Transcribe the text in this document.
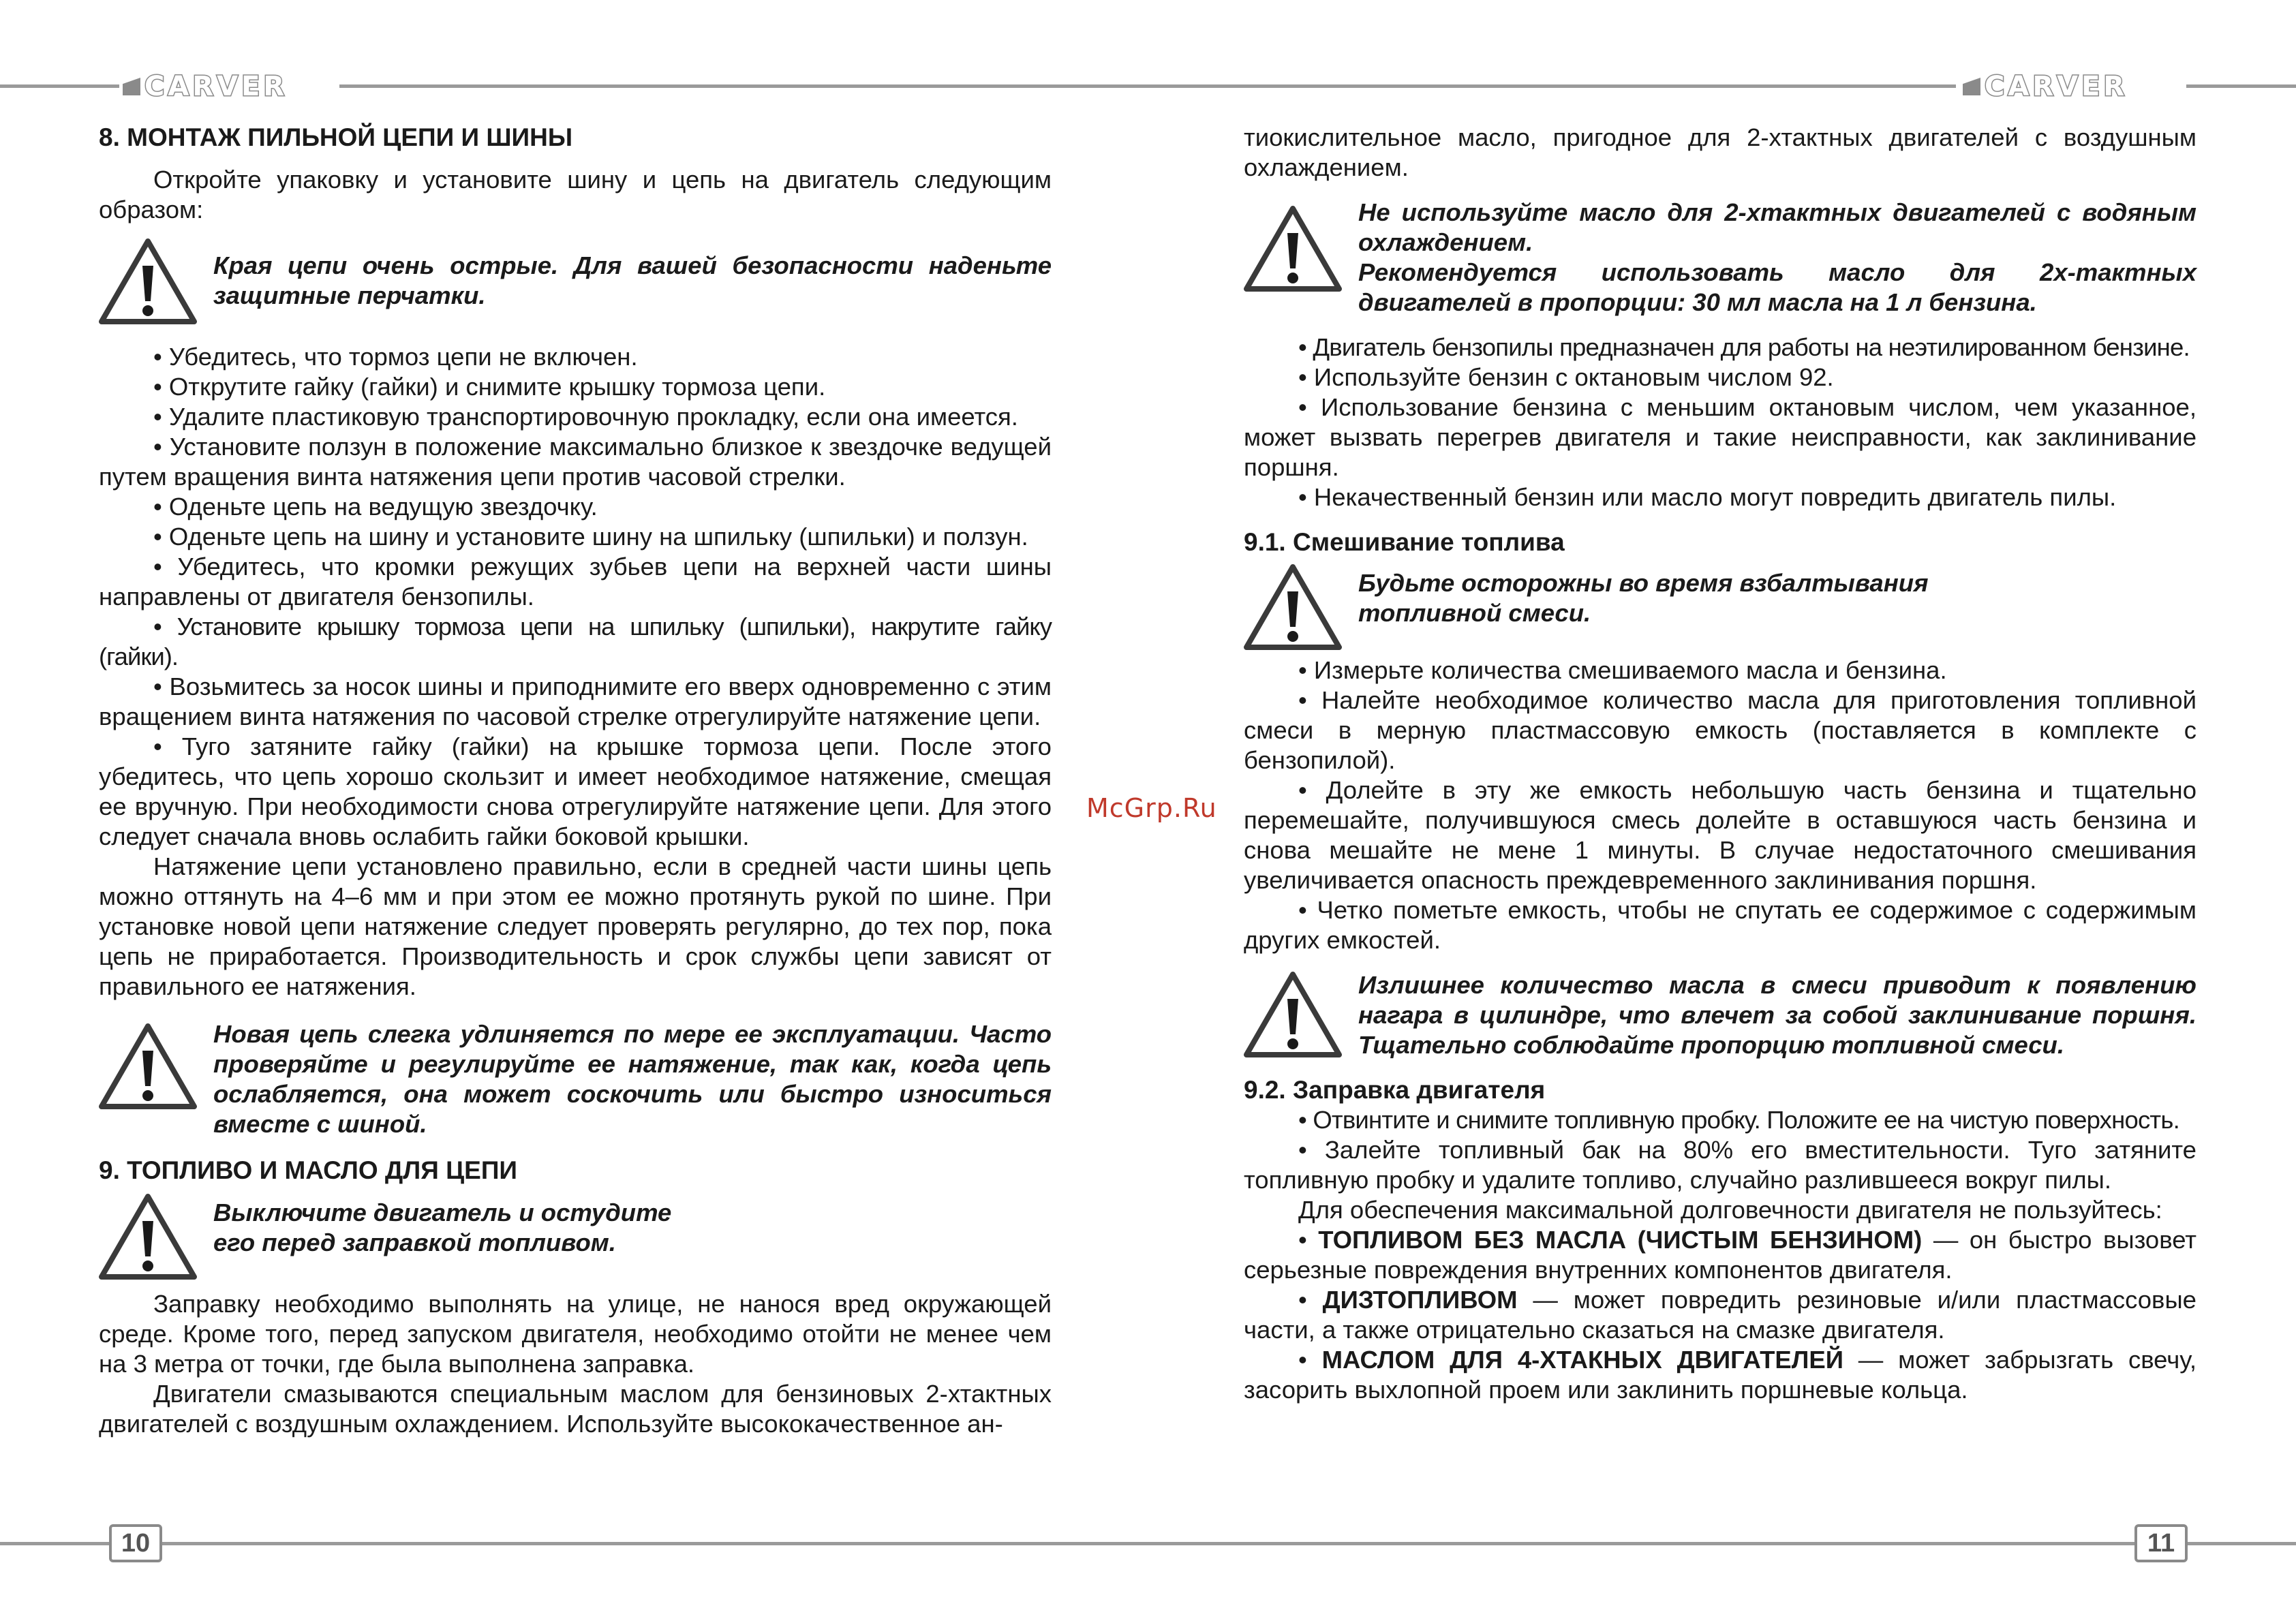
CARVER	CARVER
10	11
McGrp.Ru
8. МОНТАЖ ПИЛЬНОЙ ЦЕПИ И ШИНЫ

Откройте упаковку и установите шину и цепь на двигатель следующим образом:

Края цепи очень острые. Для вашей безопасности наденьте защитные перчатки.

• Убедитесь, что тормоз цепи не включен.

• Открутите гайку (гайки) и снимите крышку тормоза цепи.

• Удалите пластиковую транспортировочную прокладку, если она имеется.

• Установите ползун в положение максимально близкое к звездочке ведущей путем вращения винта натяжения цепи против часовой стрелки.

• Оденьте цепь на ведущую звездочку.

• Оденьте цепь на шину и установите шину на шпильку (шпильки) и ползун.

• Убедитесь, что кромки режущих зубьев цепи на верхней части шины направлены от двигателя бензопилы.

• Установите крышку тормоза цепи на шпильку (шпильки), накрутите гайку (гайки).

• Возьмитесь за носок шины и приподнимите его вверх одновременно с этим вращением винта натяжения по часовой стрелке отрегулируйте натяжение цепи.

• Туго затяните гайку (гайки) на крышке тормоза цепи. После этого убедитесь, что цепь хорошо скользит и имеет необходимое натяжение, смещая ее вручную. При необходимости снова отрегулируйте натяжение цепи. Для этого следует сначала вновь ослабить гайки боковой крышки.

Натяжение цепи установлено правильно, если в средней части шины цепь можно оттянуть на 4–6 мм и при этом ее можно протянуть рукой по шине. При установке новой цепи натяжение следует проверять регулярно, до тех пор, пока цепь не приработается. Производительность и срок службы цепи зависят от правильного ее натяжения.

Новая цепь слегка удлиняется по мере ее эксплуатации. Часто проверяйте и регулируйте ее натяжение, так как, когда цепь ослабляется, она может соскочить или быстро изноcиться вместе с шиной.
9. ТОПЛИВО И МАСЛО ДЛЯ ЦЕПИ
Выключите двигатель и остудите
его перед заправкой топливом.

Заправку необходимо выполнять на улице, не нанося вред окружающей среде. Кроме того, перед запуском двигателя, необходимо отойти не менее чем на 3 метра от точки, где была выполнена заправка.

Двигатели смазываются специальным маслом для бензиновых 2-хтактных двигателей с воздушным охлаждением. Используйте высококачественное ан-

тиокислительное масло, пригодное для 2-хтактных двигателей с воздушным охлаждением.

Не используйте масло для 2-хтактных двигателей с водяным охлаждением.
Рекомендуется использовать масло для 2х-тактных двигателей в пропорции: 30 мл масла на 1 л бензина.

• Двигатель бензопилы предназначен для работы на неэтилированном бензине.

• Используйте бензин с октановым числом 92.

• Использование бензина с меньшим октановым числом, чем указанное, может вызвать перегрев двигателя и такие неисправности, как заклинивание поршня.

• Некачественный бензин или масло могут повредить двигатель пилы.

9.1. Смешивание топлива
Будьте осторожны во время взбалтывания
топливной смеси.

• Измерьте количества смешиваемого масла и бензина.

• Налейте необходимое количество масла для приготовления топливной смеси в мерную пластмассовую емкость (поставляется в комплекте с бензопилой).

• Долейте в эту же емкость небольшую часть бензина и тщательно перемешайте, получившуюся смесь долейте в оставшуюся часть бензина и снова мешайте не мене 1 минуты. В случае недостаточного смешивания увеличивается опасность преждевременного заклинивания поршня.

• Четко пометьте емкость, чтобы не спутать ее содержимое с содержимым других емкостей.

Излишнее количество масла в смеси приводит к появлению нагара в цилиндре, что влечет за собой заклинивание поршня. Тщательно соблюдайте пропорцию топливной смеси.
9.2. Заправка двигателя

• Отвинтите и снимите топливную пробку. Положите ее на чистую поверхность.

• Залейте топливный бак на 80% его вместительности. Туго затяните топливную пробку и удалите топливо, случайно разлившееся вокруг пилы.

Для обеспечения максимальной долговечности двигателя не пользуйтесь:

• ТОПЛИВОМ БЕЗ МАСЛА (ЧИСТЫМ БЕНЗИНОМ) — он быстро вызовет серьезные повреждения внутренних компонентов двигателя.

• ДИЗТОПЛИВОМ — может повредить резиновые и/или пластмассовые части, а также отрицательно сказаться на смазке двигателя.

• МАСЛОМ ДЛЯ 4-ХТАКНЫХ ДВИГАТЕЛЕЙ — может забрызгать свечу, засорить выхлопной проем или заклинить поршневые кольца.
